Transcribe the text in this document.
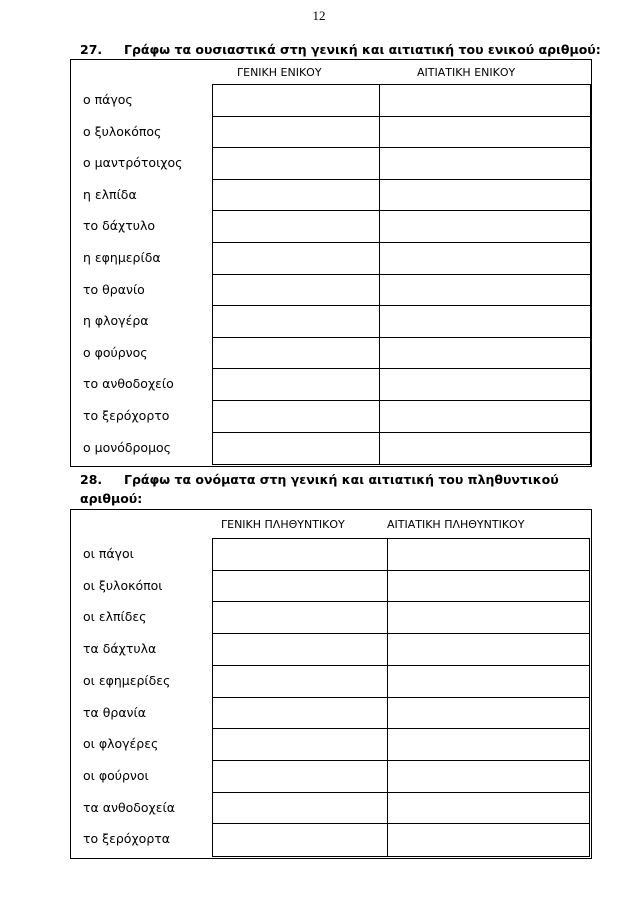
12
27. Γράφω τα ουσιαστικά στη γενική και αιτιατική του ενικού αριθμού:
ΓΕΝΙΚΗ ΕΝΙΚΟΥ	ΑΙΤΙΑΤΙΚΗ ΕΝΙΚΟΥ
ο πάγος
ο ξυλοκόπος
ο μαντρότοιχος
η ελπίδα
το δάχτυλο
η εφημερίδα
το θρανίο
η φλογέρα
ο φούρνος
το ανθοδοχείο
το ξερόχορτο
ο μονόδρομος
28. Γράφω τα ονόματα στη γενική και αιτιατική του πληθυντικού
αριθμού:
ΓΕΝΙΚΗ ΠΛΗΘΥΝΤΙΚΟΥ	ΑΙΤΙΑΤΙΚΗ ΠΛΗΘΥΝΤΙΚΟΥ
οι πάγοι
οι ξυλοκόποι
οι ελπίδες
τα δάχτυλα
οι εφημερίδες
τα θρανία
οι φλογέρες
οι φούρνοι
τα ανθοδοχεία
το ξερόχορτα
